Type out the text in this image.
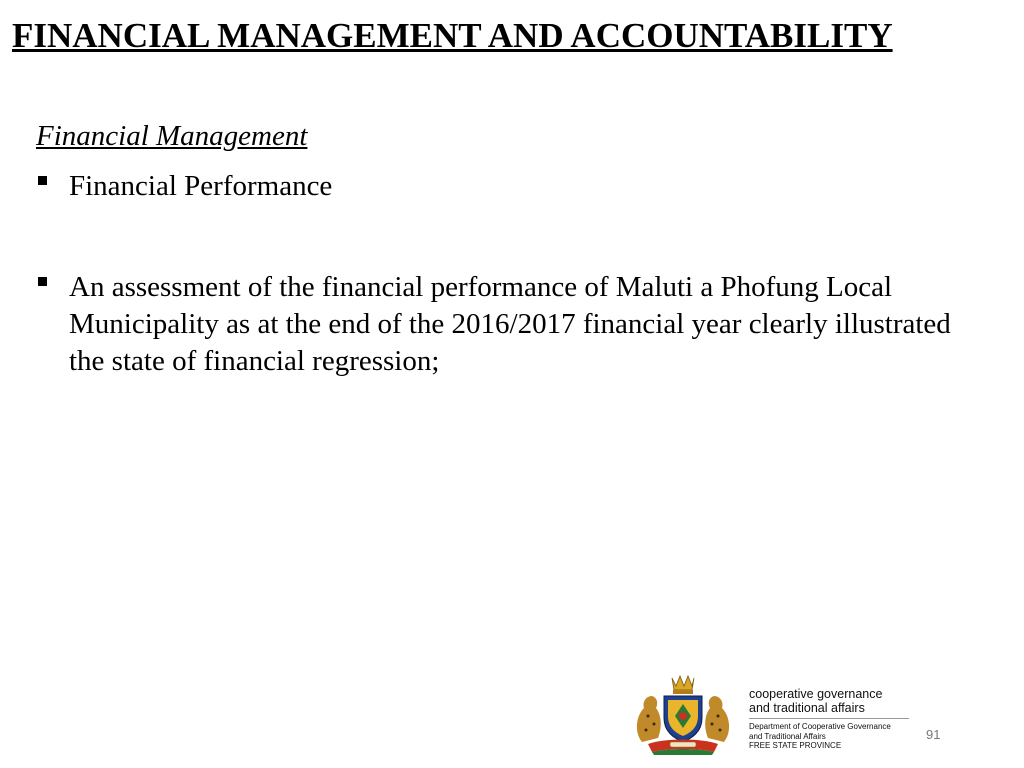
FINANCIAL MANAGEMENT AND ACCOUNTABILITY
Financial Management
Financial Performance
An assessment of the financial performance of Maluti a Phofung Local Municipality as at the end of the 2016/2017 financial year clearly illustrated the state of financial regression;
cooperative governance
and traditional affairs
Department of Cooperative Governance
and Traditional Affairs
FREE STATE PROVINCE
91
